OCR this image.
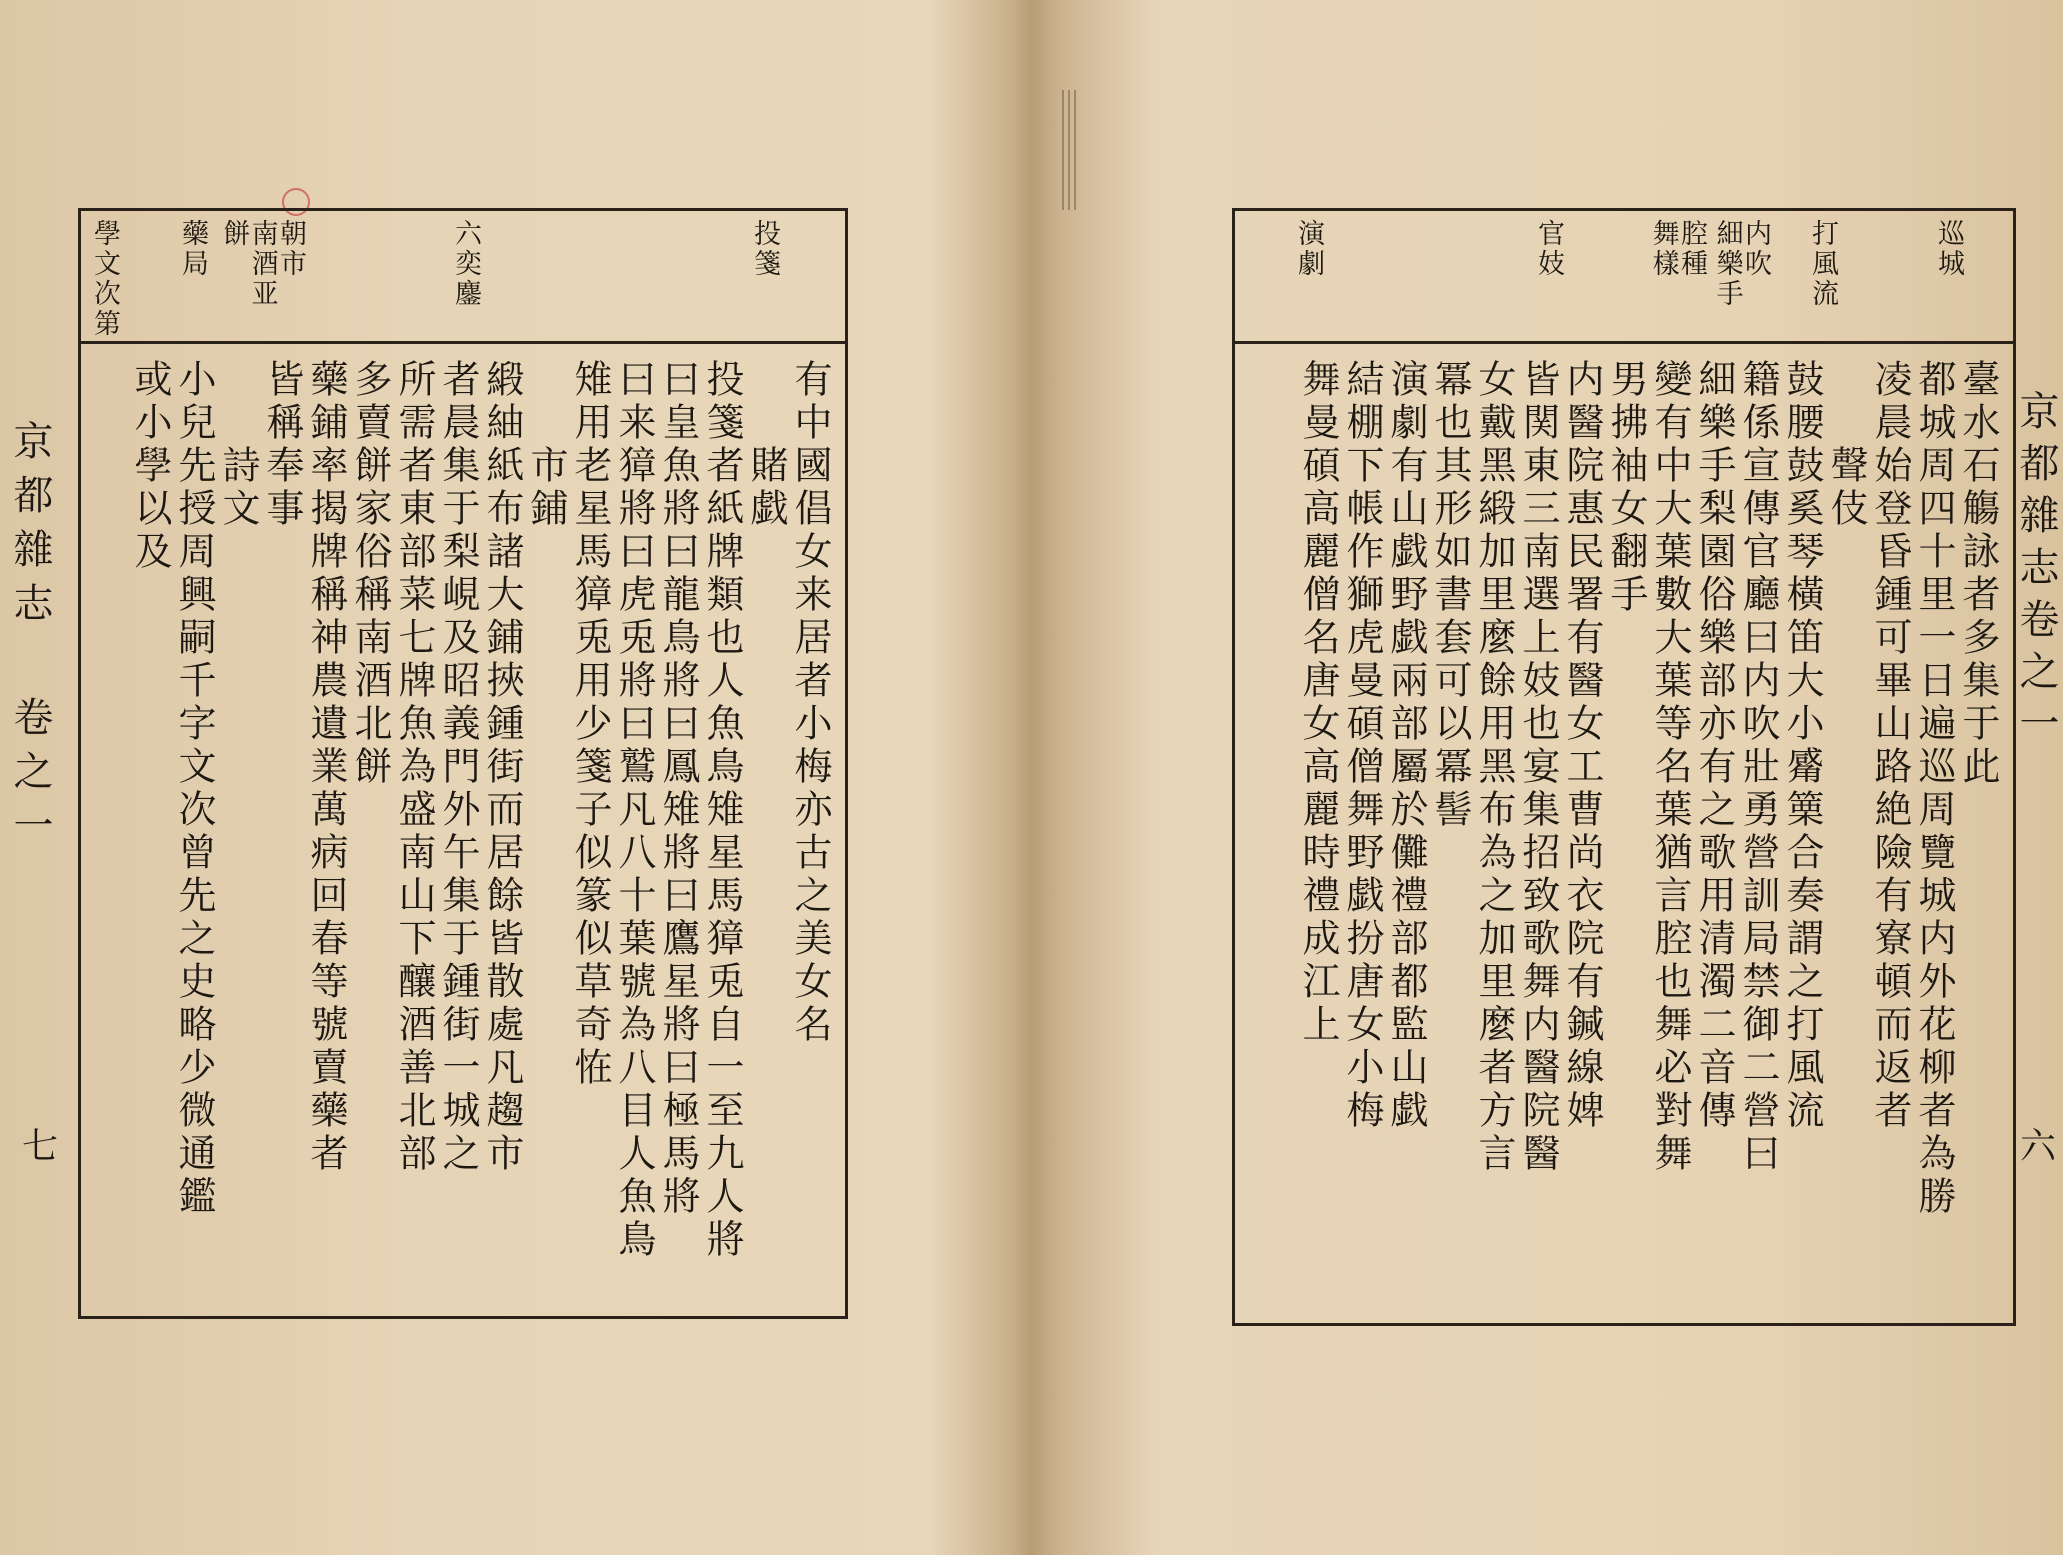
京都雜志 卷之一
七
投箋
六奕鏖
朝市 南酒亚餅
藥局
學文次第
有中國倡女来居者小梅亦古之美女名
　　賭戯
投箋者紙牌類也人魚鳥雉星馬獐兎自一至九人將
曰皇魚將曰龍鳥將曰鳳雉將曰鷹星將曰極馬將
曰来獐將曰虎兎將曰鷲凡八十葉號為八目人魚鳥
雉用老星馬獐兎用少箋子似篆似草奇恠
　　市鋪
緞紬紙布諸大鋪挾鍾街而居餘皆散處凡趨市
者晨集于梨峴及昭義門外午集于鍾街一城之
所需者東部菜七牌魚為盛南山下釀酒善北部
多賣餅家俗稱南酒北餅
藥鋪率揭牌稱神農遺業萬病回春等號賣藥者
皆稱奉事
　　詩文
小兒先授周興嗣千字文次曾先之史略少微通鑑
或小學以及
巡城
打風流
内吹 細樂手
腔種 舞樣
官妓
演劇
臺水石觴詠者多集于此
都城周四十里一日遍巡周覽城内外花柳者為勝
凌晨始登昏鍾可畢山路絶險有寮頓而返者
　　聲伎
鼓腰鼓奚琴橫笛大小觱篥合奏謂之打風流
籍係宣傳官廳曰内吹壯勇營訓局禁御二營曰
細樂手梨園俗樂部亦有之歌用清濁二音傳
變有中大葉數大葉等名葉猶言腔也舞必對舞
男拂袖女翻手
内醫院惠民署有醫女工曹尚衣院有鍼線婢
皆関東三南選上妓也宴集招致歌舞内醫院醫
女戴黑緞加里麼餘用黑布為之加里麼者方言
冪也其形如書套可以冪髻
演劇有山戯野戯兩部屬於儺禮部都監山戯
結棚下帳作獅虎曼碩僧舞野戯扮唐女小梅
舞曼碩高麗僧名唐女高麗時禮成江上	京都雜志卷之一
六
